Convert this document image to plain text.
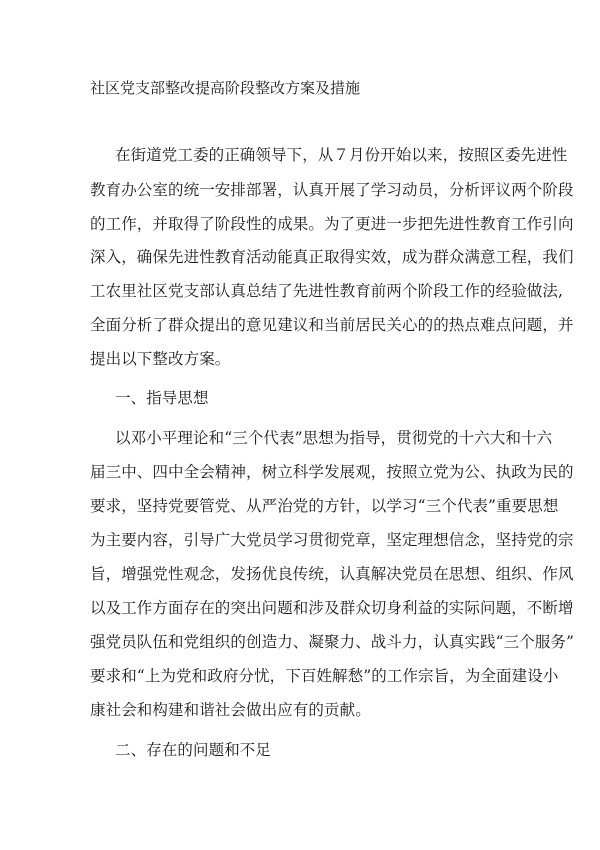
社区党支部整改提高阶段整改方案及措施
在街道党工委的正确领导下，从７月份开始以来，按照区委先进性
教育办公室的统一安排部署，认真开展了学习动员，分析评议两个阶段
的工作，并取得了阶段性的成果。为了更进一步把先进性教育工作引向
深入，确保先进性教育活动能真正取得实效，成为群众满意工程，我们
工农里社区党支部认真总结了先进性教育前两个阶段工作的经验做法,
全面分析了群众提出的意见建议和当前居民关心的的热点难点问题，并
提出以下整改方案。
一、指导思想
以邓小平理论和“三个代表”思想为指导，贯彻党的十六大和十六
届三中、四中全会精神，树立科学发展观，按照立党为公、执政为民的
要求，坚持党要管党、从严治党的方针，以学习“三个代表”重要思想
为主要内容，引导广大党员学习贯彻党章，坚定理想信念，坚持党的宗
旨，增强党性观念，发扬优良传统，认真解决党员在思想、组织、作风
以及工作方面存在的突出问题和涉及群众切身利益的实际问题，不断增
强党员队伍和党组织的创造力、凝聚力、战斗力，认真实践“三个服务”
要求和“上为党和政府分忧，下百姓解愁”的工作宗旨，为全面建设小
康社会和构建和谐社会做出应有的贡献。
二、存在的问题和不足
